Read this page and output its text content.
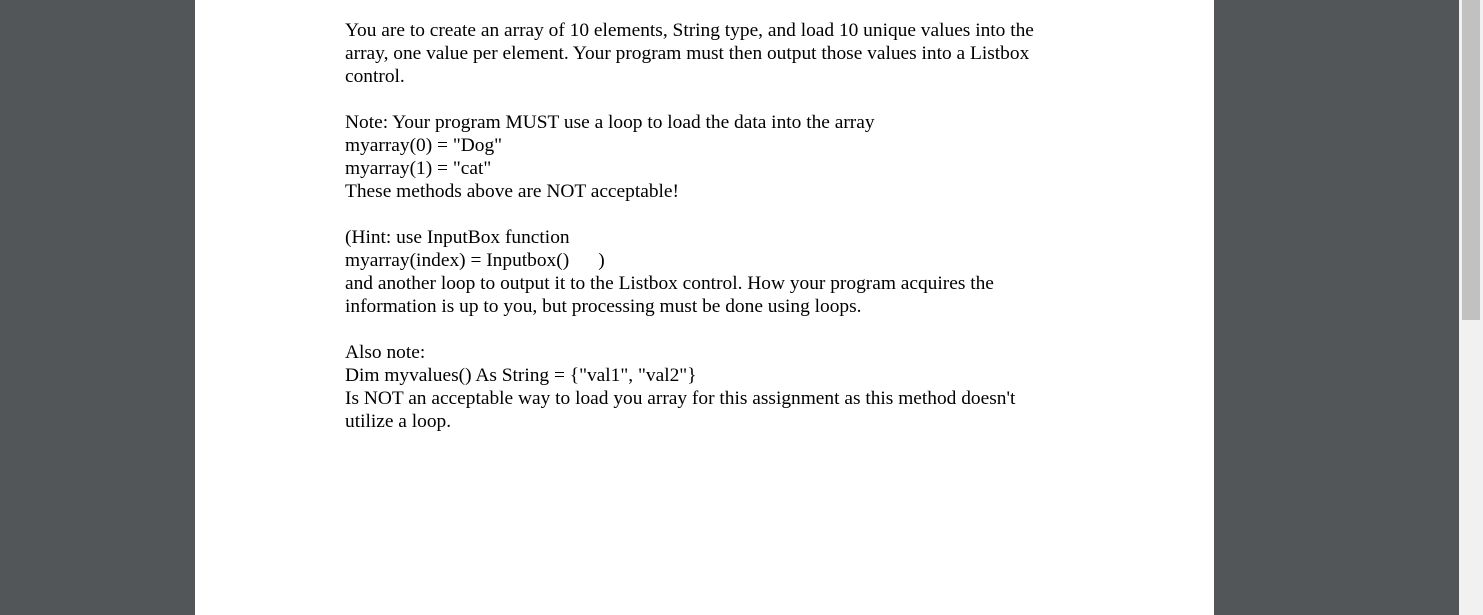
You are to create an array of 10 elements, String type, and load 10 unique values into the
array, one value per element. Your program must then output those values into a Listbox
control.
Note: Your program MUST use a loop to load the data into the array
myarray(0) = "Dog"
myarray(1) = "cat"
These methods above are NOT acceptable!
(Hint: use InputBox function
myarray(index) = Inputbox()      )
and another loop to output it to the Listbox control. How your program acquires the
information is up to you, but processing must be done using loops.
Also note:
Dim myvalues() As String = {"val1", "val2"}
Is NOT an acceptable way to load you array for this assignment as this method doesn't
utilize a loop.
